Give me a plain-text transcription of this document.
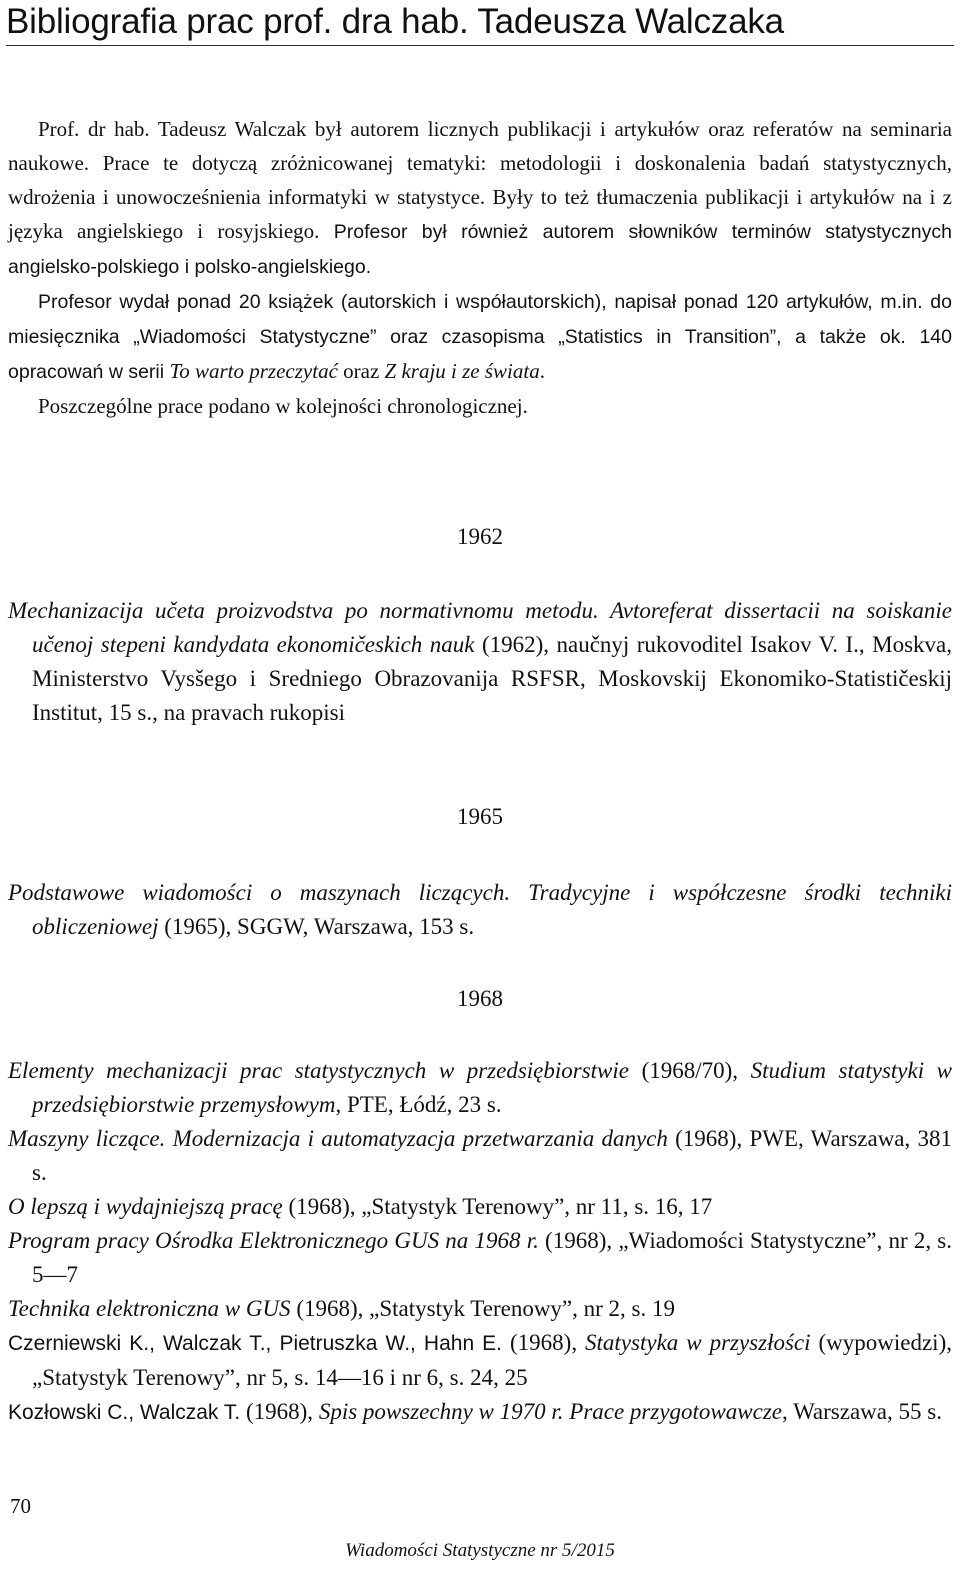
Bibliografia prac prof. dra hab. Tadeusza Walczaka

Prof. dr hab. Tadeusz Walczak był autorem licznych publikacji i artykułów oraz referatów na seminaria naukowe. Prace te dotyczą zróżnicowanej tematyki: metodologii i doskonalenia badań statystycznych, wdrożenia i unowocześnienia informatyki w statystyce. Były to też tłumaczenia publikacji i artykułów na i z języka angielskiego i rosyjskiego. Profesor był również autorem słowników terminów statystycznych angielsko-polskiego i polsko-angielskiego.

Profesor wydał ponad 20 książek (autorskich i współautorskich), napisał ponad 120 artykułów, m.in. do miesięcznika „Wiadomości Statystyczne” oraz czasopisma „Statistics in Transition”, a także ok. 140 opracowań w serii To warto przeczytać oraz Z kraju i ze świata.

Poszczególne prace podano w kolejności chronologicznej.

1962

Mechanizacija učeta proizvodstva po normativnomu metodu. Avtoreferat dissertacii na soiskanie učenoj stepeni kandydata ekonomičeskich nauk (1962), naučnyj rukovoditel Isakov V. I., Moskva, Ministerstvo Vysšego i Sredniego Obrazovanija RSFSR, Moskovskij Ekonomiko-Statističeskij Institut, 15 s., na pravach rukopisi

1965

Podstawowe wiadomości o maszynach liczących. Tradycyjne i współczesne środki techniki obliczeniowej (1965), SGGW, Warszawa, 153 s.

1968

Elementy mechanizacji prac statystycznych w przedsiębiorstwie (1968/70), Studium statystyki w przedsiębiorstwie przemysłowym, PTE, Łódź, 23 s.

Maszyny liczące. Modernizacja i automatyzacja przetwarzania danych (1968), PWE, Warszawa, 381 s.

O lepszą i wydajniejszą pracę (1968), „Statystyk Terenowy”, nr 11, s. 16, 17

Program pracy Ośrodka Elektronicznego GUS na 1968 r. (1968), „Wiadomości Statystyczne”, nr 2, s. 5—7

Technika elektroniczna w GUS (1968), „Statystyk Terenowy”, nr 2, s. 19

Czerniewski K., Walczak T., Pietruszka W., Hahn E. (1968), Statystyka w przyszłości (wypowiedzi), „Statystyk Terenowy”, nr 5, s. 14—16 i nr 6, s. 24, 25

Kozłowski C., Walczak T. (1968), Spis powszechny w 1970 r. Prace przygotowawcze, Warszawa, 55 s.

70
Wiadomości Statystyczne nr 5/2015
